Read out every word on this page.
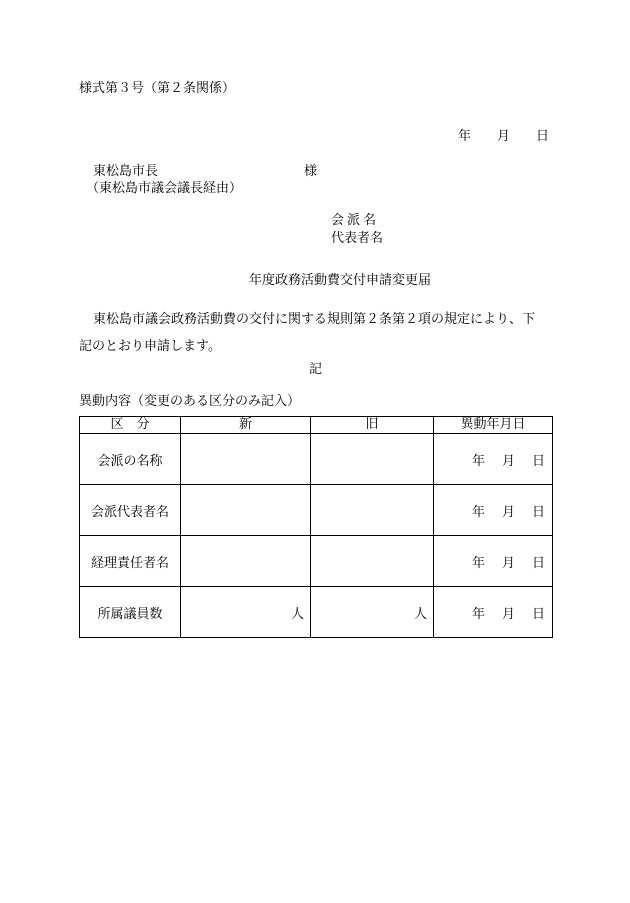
様式第３号（第２条関係）
年 月 日
東松島市長	様
（東松島市議会議長経由）
会派名
代表者名
年度政務活動費交付申請変更届
東松島市議会政務活動費の交付に関する規則第２条第２項の規定により、下
記のとおり申請します。
記
異動内容（変更のある区分のみ記入）
区　分	新	旧	異動年月日
会派の名称			年 月 日
会派代表者名			年 月 日
経理責任者名			年 月 日
所属議員数	人	人	年 月 日
